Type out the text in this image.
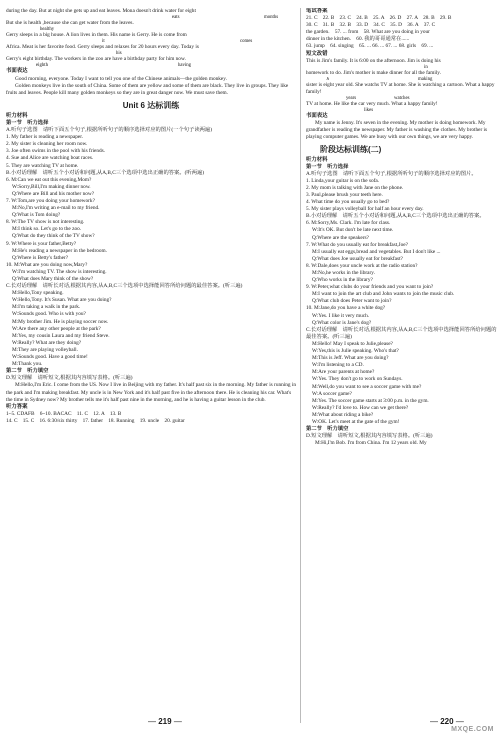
during the day. But at night she gets up and eat leaves. Mona doesn't drink water for eight

eats	months

But she is health ,because she can get water from the leaves.

healthy

Gerry sleeps in a big house. A lion lives in them. His name is Gerry. He is come from

it	comes

Africa. Meat is her favorite food. Gerry sleeps and relaxes for 20 hours every day. Today is

his

Gerry's eight birthday. The workers in the zoo are have a birthday party for him now.

eighth	having

书面表达

Good morning, everyone. Today I want to tell you one of the Chinese animals—the golden monkey.

Golden monkeys live in the south of China. Some of them are yellow and some of them are black. They live in groups. They like fruits and leaves. People kill many golden monkeys so they are in great danger now. We must save them.

Unit 6 达标训练

听力材料

第一节　听力选择

A.听句子选图　请听下面五个句子,根据所听句子的顺序选择对应的图片(一个句子读两遍)

1. My father is reading a newspaper.

2. My sister is cleaning her room now.

3. Joe often swims in the pool with his friends.

4. Sue and Alice are watching boat races.

5. They are watching TV at home.

B.小对话理解　请听五个小对话和问题,从A,B,C三个选项中选出正确的答案。(听两遍)

6. M:Can we eat out this evening,Mom?

W:Sorry,Bill,I'm making dinner now.

Q:Where are Bill and his mother now?

7. W:Tom,are you doing your homework?

M:No,I'm writing an e-mail to my friend.

Q:What is Tom doing?

8. W:The TV show is not interesting.

M:I think so. Let's go to the zoo.

Q:What do they think of the TV show?

9. W:Where is your father,Betty?

M:He's reading a newspaper in the bedroom.

Q:Where is Betty's father?

10. M:What are you doing now,Mary?

W:I'm watching TV. The show is interesting.

Q:What does Mary think of the show?

C.长对话理解　请听长对话,根据其内容,从A,B,C三个选项中选择能回答所给问题的最佳答案。(听三遍)

M:Hello,Tony speaking.

W:Hello,Tony. It's Susan. What are you doing?

M:I'm taking a walk in the park.

W:Sounds good. Who is with you?

M:My brother Jim. He is playing soccer now.

W:Are there any other people at the park?

M:Yes, my cousin Laura and my friend Steve.

W:Really? What are they doing?

M:They are playing volleyball.

W:Sounds good. Have a good time!

M:Thank you.

第二节　听力填空

D.短文理解　请听短文,根据其内容填写表格。(听三遍)

M:Hello,I'm Eric. I come from the US. Now I live in Beijing with my father. It's half past six in the morning. My father is running in the park and I'm making breakfast. My uncle is in New York and it's half past five in the afternoon there. He is cleaning his car. What's the time in Sydney now? My brother tells me it's half past nine in the morning, and he is having a guitar lesson in the club.

听力答案

1~5. CDAFB　6~10. BACAC　11. C　12. A　13. B

14. C　15. C　16. 6:30/six thirty　17. father　18. Running　19. uncle　20. guitar

笔试答案

21. C　22. B　23. C　24. B　25. A　26. D　27. A　28. B　29. B

30. C　31. B　32. B　33. D　34. C　35. D　36. A　37. C

the garden.　57. ... from　58. What are you doing in your

dinner in the kitchen.　60. 我的哥哥通常在......

63. jump　64. singing　65. ... 66. ... 67. ... 68. girls　69. ...

短文改错

This is Jim's family. It is 6:00 on the afternoon. Jim is doing his

in

homework to do. Jim's mother is make dinner for all the family.

∧	making

sister is eight year old. She watchs TV at home. She is watching a cartoon. What a happy family!

years	watches

TV at home. He like the car very much. What a happy family!

likes

书面表达

My name is Jenny. It's seven in the evening. My mother is doing homework. My grandfather is reading the newspaper. My father is washing the clothes. My brother is playing computer games. We are busy with our own things, we are very happy.

阶段达标训练(二)

听力材料

第一节　听力选择

A.听句子选图　请听下面五个句子,根据所听句子的顺序选择对应的图片。

1. Linda,your guitar is on the sofa.

2. My mom is talking with Jane on the phone.

3. Paul,please brush your teeth here.

4. What time do you usually go to bed?

5. My sister plays volleyball for half an hour every day.

B.小对话理解　请听五个小对话和问题,从A,B,C三个选项中选出正确的答案。

6. M:Sorry,Ms. Clark. I'm late for class.

W:It's OK. But don't be late next time.

Q:Where are the speakers?

7. W:What do you usually eat for breakfast,Joe?

M:I usually eat eggs,bread and vegetables. But I don't like ...

Q:What does Joe usually eat for breakfast?

8. W:Dale,does your uncle work at the radio station?

M:No,he works in the library.

Q:Who works in the library?

9. W:Peter,what clubs do your friends and you want to join?

M:I want to join the art club and John wants to join the music club.

Q:What club does Peter want to join?

10. M:Jane,do you have a white dog?

W:Yes. I like it very much.

Q:What color is Jane's dog?

C.长对话理解　请听长对话,根据其内容,从A,B,C三个选项中选择能回答所给问题的最佳答案。(听三遍)

M:Hello! May I speak to Julie,please?

W:Yes,this is Julie speaking. Who's that?

M:This is Jeff. What are you doing?

W:I'm listening to a CD.

M:Are your parents at home?

W:Yes. They don't go to work on Sundays.

M:Well,do you want to see a soccer game with me?

W:A soccer game?

M:Yes. The soccer game starts at 3:00 p.m. in the gym.

W:Really? I'd love to. How can we get there?

M:What about riding a bike?

W:OK. Let's meet at the gate of the gym!

第二节　听力填空

D.短文理解　请听短文,根据其内容填写表格。(听三遍)

M:Hi,I'm Bob. I'm from China. I'm 12 years old. My

— 219 —	— 220 —
MXQE.COM
